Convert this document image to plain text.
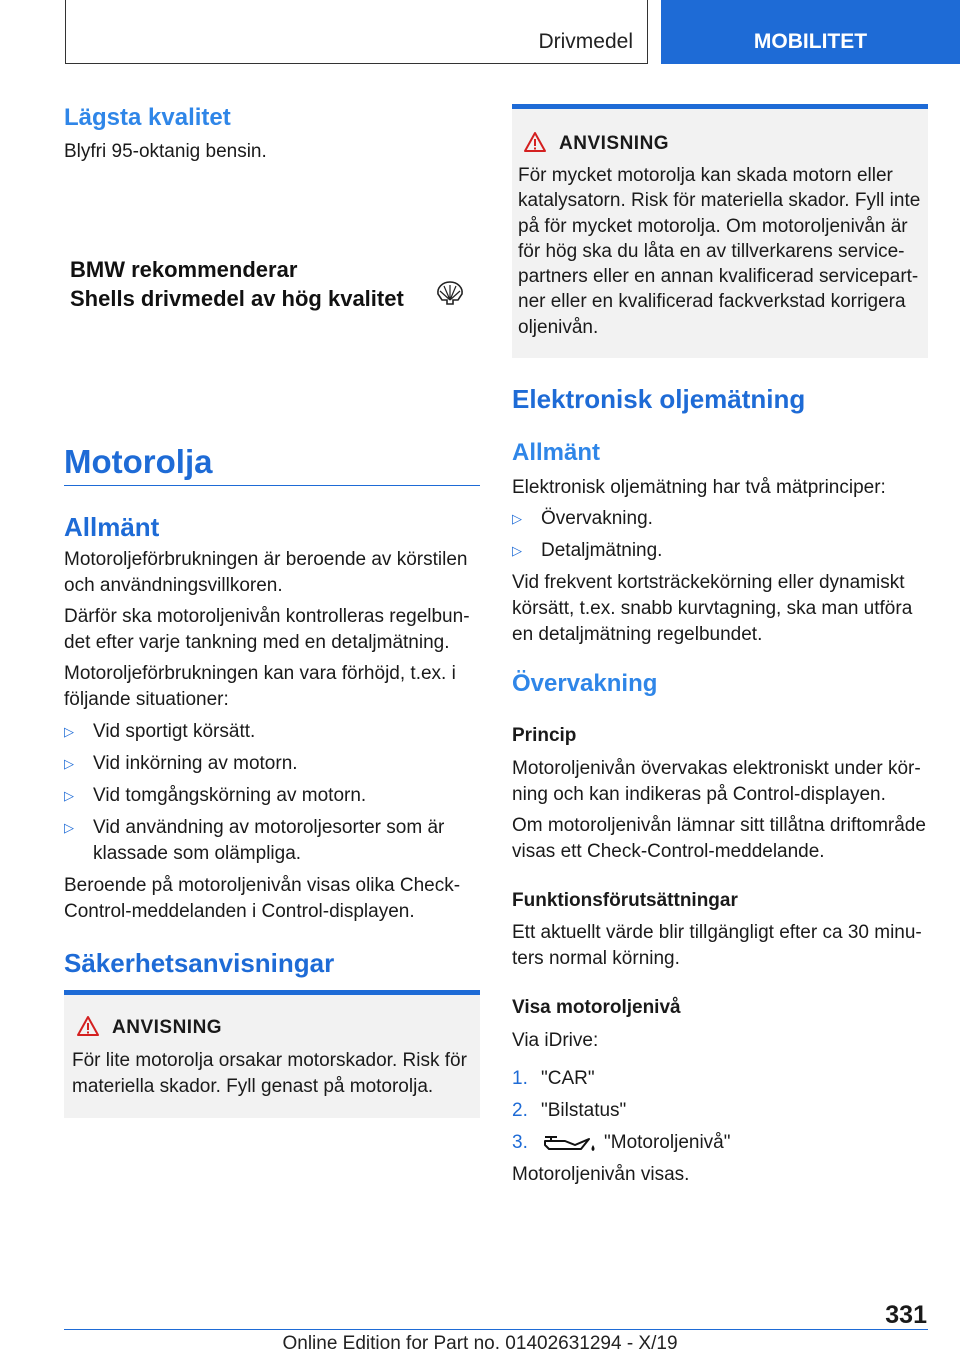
Drivmedel	MOBILITET
Lägsta kvalitet
Blyfri 95-oktanig bensin.
BMW rekommenderar
Shells drivmedel av hög kvalitet
Motorolja
Allmänt
Motoroljeförbrukningen är beroende av körstilen
och användningsvillkoren.
Därför ska motoroljenivån kontrolleras regelbun-
det efter varje tankning med en detaljmätning.
Motoroljeförbrukningen kan vara förhöjd, t.ex. i
följande situationer:
▷ Vid sportigt körsätt.
▷ Vid inkörning av motorn.
▷ Vid tomgångskörning av motorn.
▷ Vid användning av motoroljesorter som är
klassade som olämpliga.
Beroende på motoroljenivån visas olika Check-
Control-meddelanden i Control-displayen.
Säkerhetsanvisningar
ANVISNING
För lite motorolja orsakar motorskador. Risk för
materiella skador. Fyll genast på motorolja.
ANVISNING
För mycket motorolja kan skada motorn eller
katalysatorn. Risk för materiella skador. Fyll inte
på för mycket motorolja. Om motoroljenivån är
för hög ska du låta en av tillverkarens service-
partners eller en annan kvalificerad servicepart-
ner eller en kvalificerad fackverkstad korrigera
oljenivån.
Elektronisk oljemätning
Allmänt
Elektronisk oljemätning har två mätprinciper:
▷ Övervakning.
▷ Detaljmätning.
Vid frekvent kortsträckekörning eller dynamiskt
körsätt, t.ex. snabb kurvtagning, ska man utföra
en detaljmätning regelbundet.
Övervakning
Princip
Motoroljenivån övervakas elektroniskt under kör-
ning och kan indikeras på Control-displayen.
Om motoroljenivån lämnar sitt tillåtna driftområde
visas ett Check-Control-meddelande.
Funktionsförutsättningar
Ett aktuellt värde blir tillgängligt efter ca 30 minu-
ters normal körning.
Visa motoroljenivå
Via iDrive:
1. "CAR"
2. "Bilstatus"
3.	"Motoroljenivå"
Motoroljenivån visas.
331
Online Edition for Part no. 01402631294 - X/19
